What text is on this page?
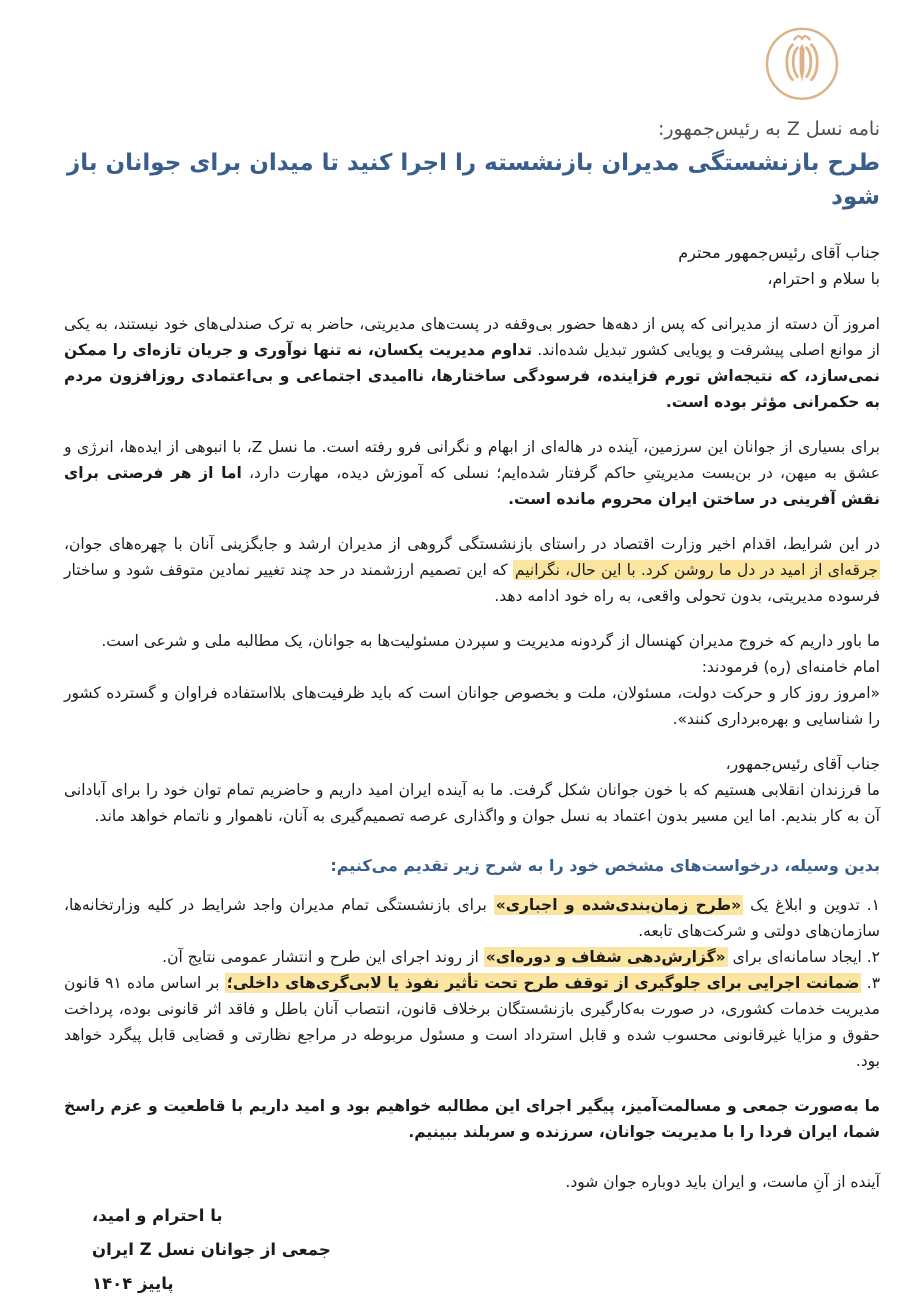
نامه نسل Z به رئیس‌جمهور:
طرح بازنشستگی مدیران بازنشسته را اجرا کنید تا میدان برای جوانان باز شود

جناب آقای رئیس‌جمهور محترم
با سلام و احترام،

امروز آن دسته از مدیرانی که پس از دهه‌ها حضور بی‌وقفه در پست‌های مدیریتی، حاضر به ترک صندلی‌های خود نیستند، به یکی از موانع اصلی پیشرفت و پویایی کشور تبدیل شده‌اند. تداوم مدیریت یکسان، نه تنها نوآوری و جریان تازه‌ای را ممکن نمی‌سازد، که نتیجه‌اش تورم فزاینده، فرسودگی ساختارها، ناامیدی اجتماعی و بی‌اعتمادی روزافزون مردم به حکمرانی مؤثر بوده است.

برای بسیاری از جوانان این سرزمین، آینده در هاله‌ای از ابهام و نگرانی فرو رفته است. ما نسل Z، با انبوهی از ایده‌ها، انرژی و عشق به میهن، در بن‌بست مدیریتیِ حاکم گرفتار شده‌ایم؛ نسلی که آموزش دیده، مهارت دارد، اما از هر فرصتی برای نقش آفرینی در ساختن ایران محروم مانده است.

در این شرایط، اقدام اخیر وزارت اقتصاد در راستای بازنشستگی گروهی از مدیران ارشد و جایگزینی آنان با چهره‌های جوان، جرقه‌ای از امید در دل ما روشن کرد. با این حال، نگرانیم که این تصمیم ارزشمند در حد چند تغییر نمادین متوقف شود و ساختار فرسوده مدیریتی، بدون تحولی واقعی، به راه خود ادامه دهد.

ما باور داریم که خروج مدیران کهنسال از گردونه مدیریت و سپردن مسئولیت‌ها به جوانان، یک مطالبه ملی و شرعی است.
امام خامنه‌ای (ره) فرمودند:
«امروز روز کار و حرکت دولت، مسئولان، ملت و بخصوص جوانان است که باید ظرفیت‌های بلااستفاده فراوان و گسترده کشور را شناسایی و بهره‌برداری کنند».

جناب آقای رئیس‌جمهور،
ما فرزندان انقلابی هستیم که با خون جوانان شکل گرفت. ما به آینده ایران امید داریم و حاضریم تمام توان خود را برای آبادانی آن به کار بندیم. اما این مسیر بدون اعتماد به نسل جوان و واگذاری عرصه تصمیم‌گیری به آنان، ناهموار و ناتمام خواهد ماند.

بدین وسیله، درخواست‌های مشخص خود را به شرح زیر تقدیم می‌کنیم:

۱. تدوین و ابلاغ یک «طرح زمان‌بندی‌شده و اجباری» برای بازنشستگی تمام مدیران واجد شرایط در کلیه وزارتخانه‌ها، سازمان‌های دولتی و شرکت‌های تابعه.

۲. ایجاد سامانه‌ای برای «گزارش‌دهی شفاف و دوره‌ای» از روند اجرای این طرح و انتشار عمومی نتایج آن.

۳. ضمانت اجرایی برای جلوگیری از توقف طرح تحت تأثیر نفوذ یا لابی‌گری‌های داخلی؛ بر اساس ماده ۹۱ قانون مدیریت خدمات کشوری، در صورت به‌کارگیری بازنشستگان برخلاف قانون، انتصاب آنان باطل و فاقد اثر قانونی بوده، پرداخت حقوق و مزایا غیرقانونی محسوب شده و قابل استرداد است و مسئول مربوطه در مراجع نظارتی و قضایی قابل پیگرد خواهد بود.

ما به‌صورت جمعی و مسالمت‌آمیز، پیگیر اجرای این مطالبه خواهیم بود و امید داریم با قاطعیت و عزم راسخ شما، ایران فردا را با مدیریت جوانان، سرزنده و سربلند ببینیم.

آینده از آنِ ماست، و ایران باید دوباره جوان شود.

با احترام و امید،
جمعی از جوانان نسل Z ایران
پاییز ۱۴۰۴
